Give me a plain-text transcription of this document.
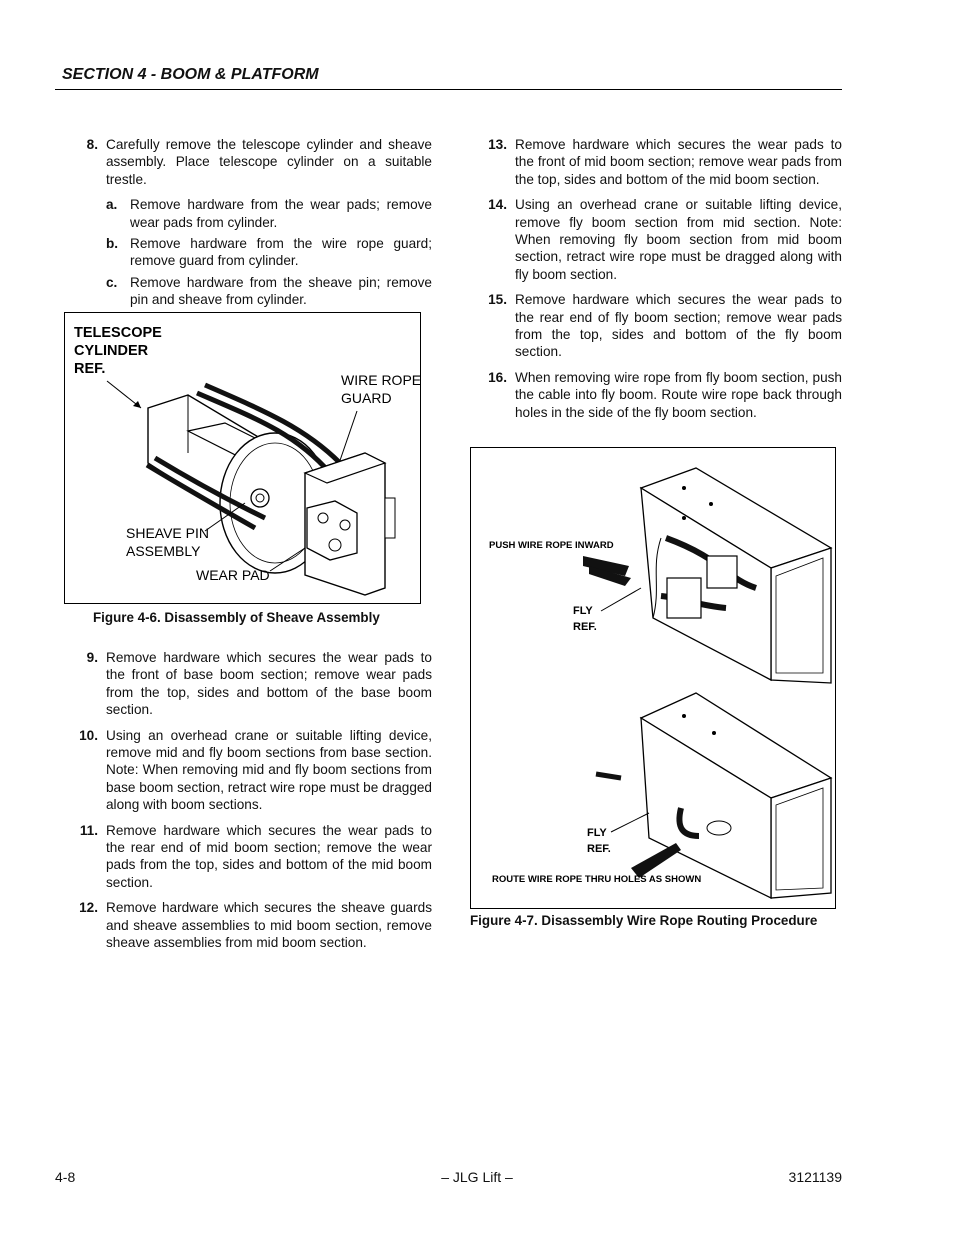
SECTION 4 - BOOM & PLATFORM
8. Carefully remove the telescope cylinder and sheave assembly. Place telescope cylinder on a suitable trestle.
a. Remove hardware from the wear pads; remove wear pads from cylinder.
b. Remove hardware from the wire rope guard; remove guard from cylinder.
c. Remove hardware from the sheave pin; remove pin and sheave from cylinder.
TELESCOPE
CYLINDER
REF.
WIRE ROPE
GUARD
SHEAVE PIN
ASSEMBLY
WEAR PAD
Figure 4-6. Disassembly of Sheave Assembly
9. Remove hardware which secures the wear pads to the front of base boom section; remove wear pads from the top, sides and bottom of the base boom section.
10. Using an overhead crane or suitable lifting device, remove mid and fly boom sections from base section. Note: When removing mid and fly boom sections from base boom section, retract wire rope must be dragged along with boom sections.
11. Remove hardware which secures the wear pads to the rear end of mid boom section; remove the wear pads from the top, sides and bottom of the mid boom section.
12. Remove hardware which secures the sheave guards and sheave assemblies to mid boom section, remove sheave assemblies from mid boom section.
13. Remove hardware which secures the wear pads to the front of mid boom section; remove wear pads from the top, sides and bottom of the mid boom section.
14. Using an overhead crane or suitable lifting device, remove fly boom section from mid section. Note: When removing fly boom section from mid boom section, retract wire rope must be dragged along with fly boom section.
15. Remove hardware which secures the wear pads to the rear end of fly boom section; remove wear pads from the top, sides and bottom of the fly boom section.
16. When removing wire rope from fly boom section, push the cable into fly boom. Route wire rope back through holes in the side of the fly boom section.
PUSH WIRE ROPE INWARD
FLY
REF.
FLY
REF.
ROUTE WIRE ROPE THRU HOLES AS SHOWN
Figure 4-7. Disassembly Wire Rope Routing Procedure
4-8	– JLG Lift –	3121139
